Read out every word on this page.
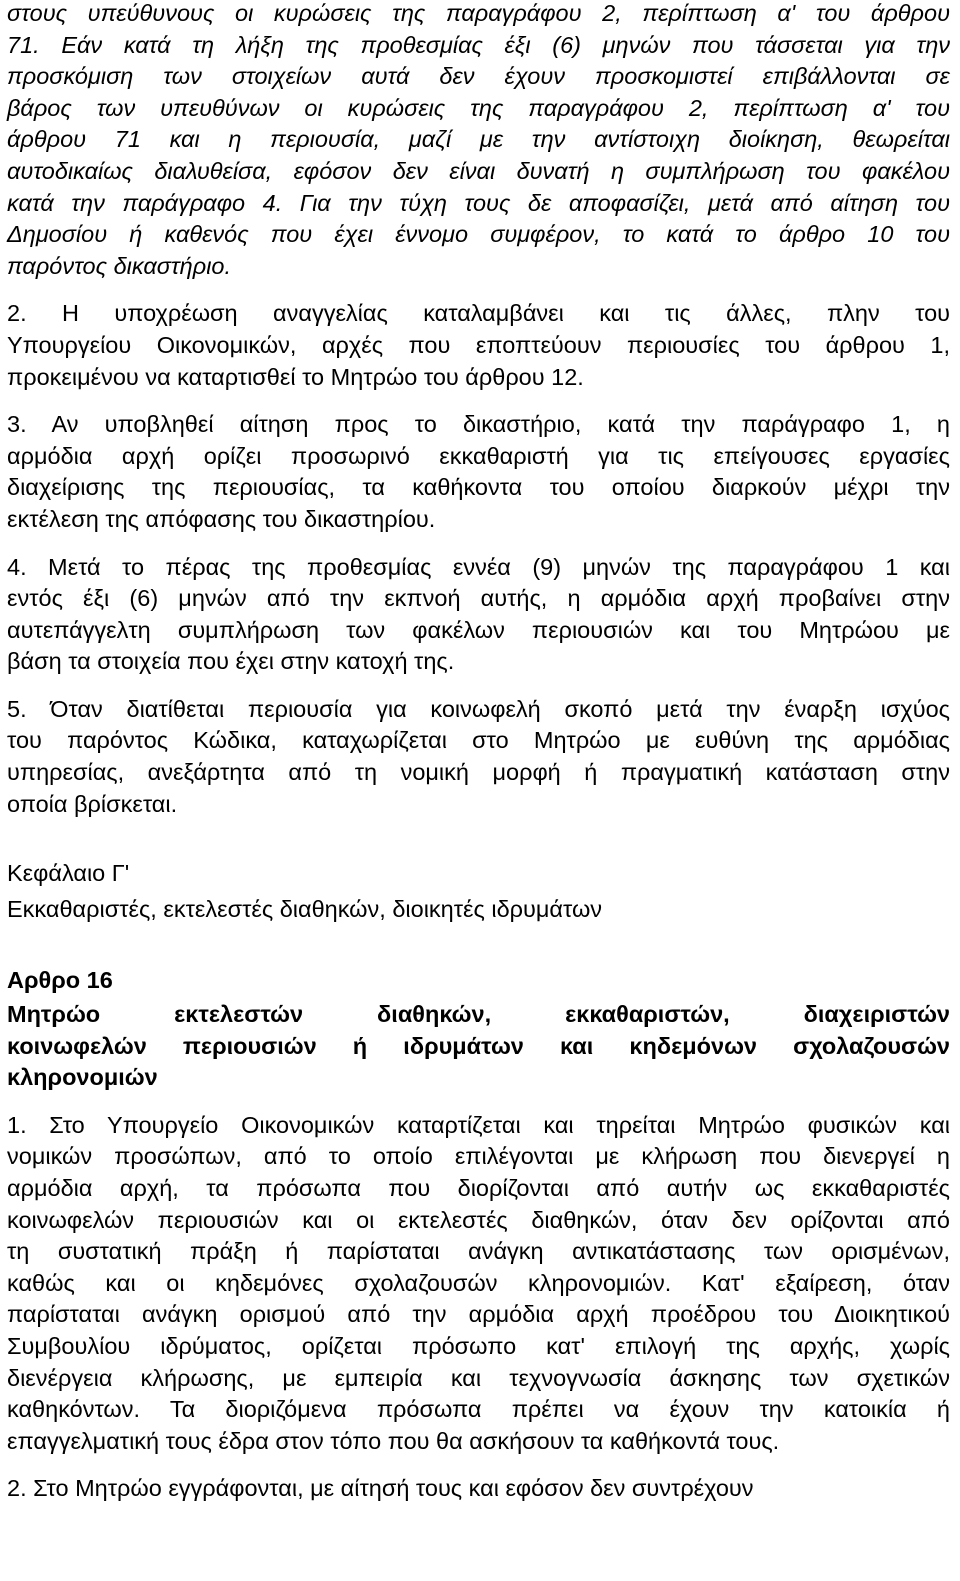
στους υπεύθυνους οι κυρώσεις της παραγράφου 2, περίπτωση α' του άρθρου
71. Εάν κατά τη λήξη της προθεσμίας έξι (6) μηνών που τάσσεται για την
προσκόμιση των στοιχείων αυτά δεν έχουν προσκομιστεί επιβάλλονται σε
βάρος των υπευθύνων οι κυρώσεις της παραγράφου 2, περίπτωση α' του
άρθρου 71 και η περιουσία, μαζί με την αντίστοιχη διοίκηση, θεωρείται
αυτοδικαίως διαλυθείσα, εφόσον δεν είναι δυνατή η συμπλήρωση του φακέλου
κατά την παράγραφο 4. Για την τύχη τους δε αποφασίζει, μετά από αίτηση του
Δημοσίου ή καθενός που έχει έννομο συμφέρον, το κατά το άρθρο 10 του
παρόντος δικαστήριο.
2. Η υποχρέωση αναγγελίας καταλαμβάνει και τις άλλες, πλην του
Υπουργείου Οικονομικών, αρχές που εποπτεύουν περιουσίες του άρθρου 1,
προκειμένου να καταρτισθεί το Μητρώο του άρθρου 12.
3. Αν υποβληθεί αίτηση προς το δικαστήριο, κατά την παράγραφο 1, η
αρμόδια αρχή ορίζει προσωρινό εκκαθαριστή για τις επείγουσες εργασίες
διαχείρισης της περιουσίας, τα καθήκοντα του οποίου διαρκούν μέχρι την
εκτέλεση της απόφασης του δικαστηρίου.
4. Μετά το πέρας της προθεσμίας εννέα (9) μηνών της παραγράφου 1 και
εντός έξι (6) μηνών από την εκπνοή αυτής, η αρμόδια αρχή προβαίνει στην
αυτεπάγγελτη συμπλήρωση των φακέλων περιουσιών και του Μητρώου με
βάση τα στοιχεία που έχει στην κατοχή της.
5. Όταν διατίθεται περιουσία για κοινωφελή σκοπό μετά την έναρξη ισχύος
του παρόντος Κώδικα, καταχωρίζεται στο Μητρώο με ευθύνη της αρμόδιας
υπηρεσίας, ανεξάρτητα από τη νομική μορφή ή πραγματική κατάσταση στην
οποία βρίσκεται.
Κεφάλαιο Γ'
Εκκαθαριστές, εκτελεστές διαθηκών, διοικητές ιδρυμάτων
Αρθρο 16
Μητρώο εκτελεστών διαθηκών, εκκαθαριστών, διαχειριστών
κοινωφελών περιουσιών ή ιδρυμάτων και κηδεμόνων σχολαζουσών
κληρονομιών
1. Στο Υπουργείο Οικονομικών καταρτίζεται και τηρείται Μητρώο φυσικών και
νομικών προσώπων, από το οποίο επιλέγονται με κλήρωση που διενεργεί η
αρμόδια αρχή, τα πρόσωπα που διορίζονται από αυτήν ως εκκαθαριστές
κοινωφελών περιουσιών και οι εκτελεστές διαθηκών, όταν δεν ορίζονται από
τη συστατική πράξη ή παρίσταται ανάγκη αντικατάστασης των ορισμένων,
καθώς και οι κηδεμόνες σχολαζουσών κληρονομιών. Κατ' εξαίρεση, όταν
παρίσταται ανάγκη ορισμού από την αρμόδια αρχή προέδρου του Διοικητικού
Συμβουλίου ιδρύματος, ορίζεται πρόσωπο κατ' επιλογή της αρχής, χωρίς
διενέργεια κλήρωσης, με εμπειρία και τεχνογνωσία άσκησης των σχετικών
καθηκόντων. Τα διοριζόμενα πρόσωπα πρέπει να έχουν την κατοικία ή
επαγγελματική τους έδρα στον τόπο που θα ασκήσουν τα καθήκοντά τους.
2. Στο Μητρώο εγγράφονται, με αίτησή τους και εφόσον δεν συντρέχουν
